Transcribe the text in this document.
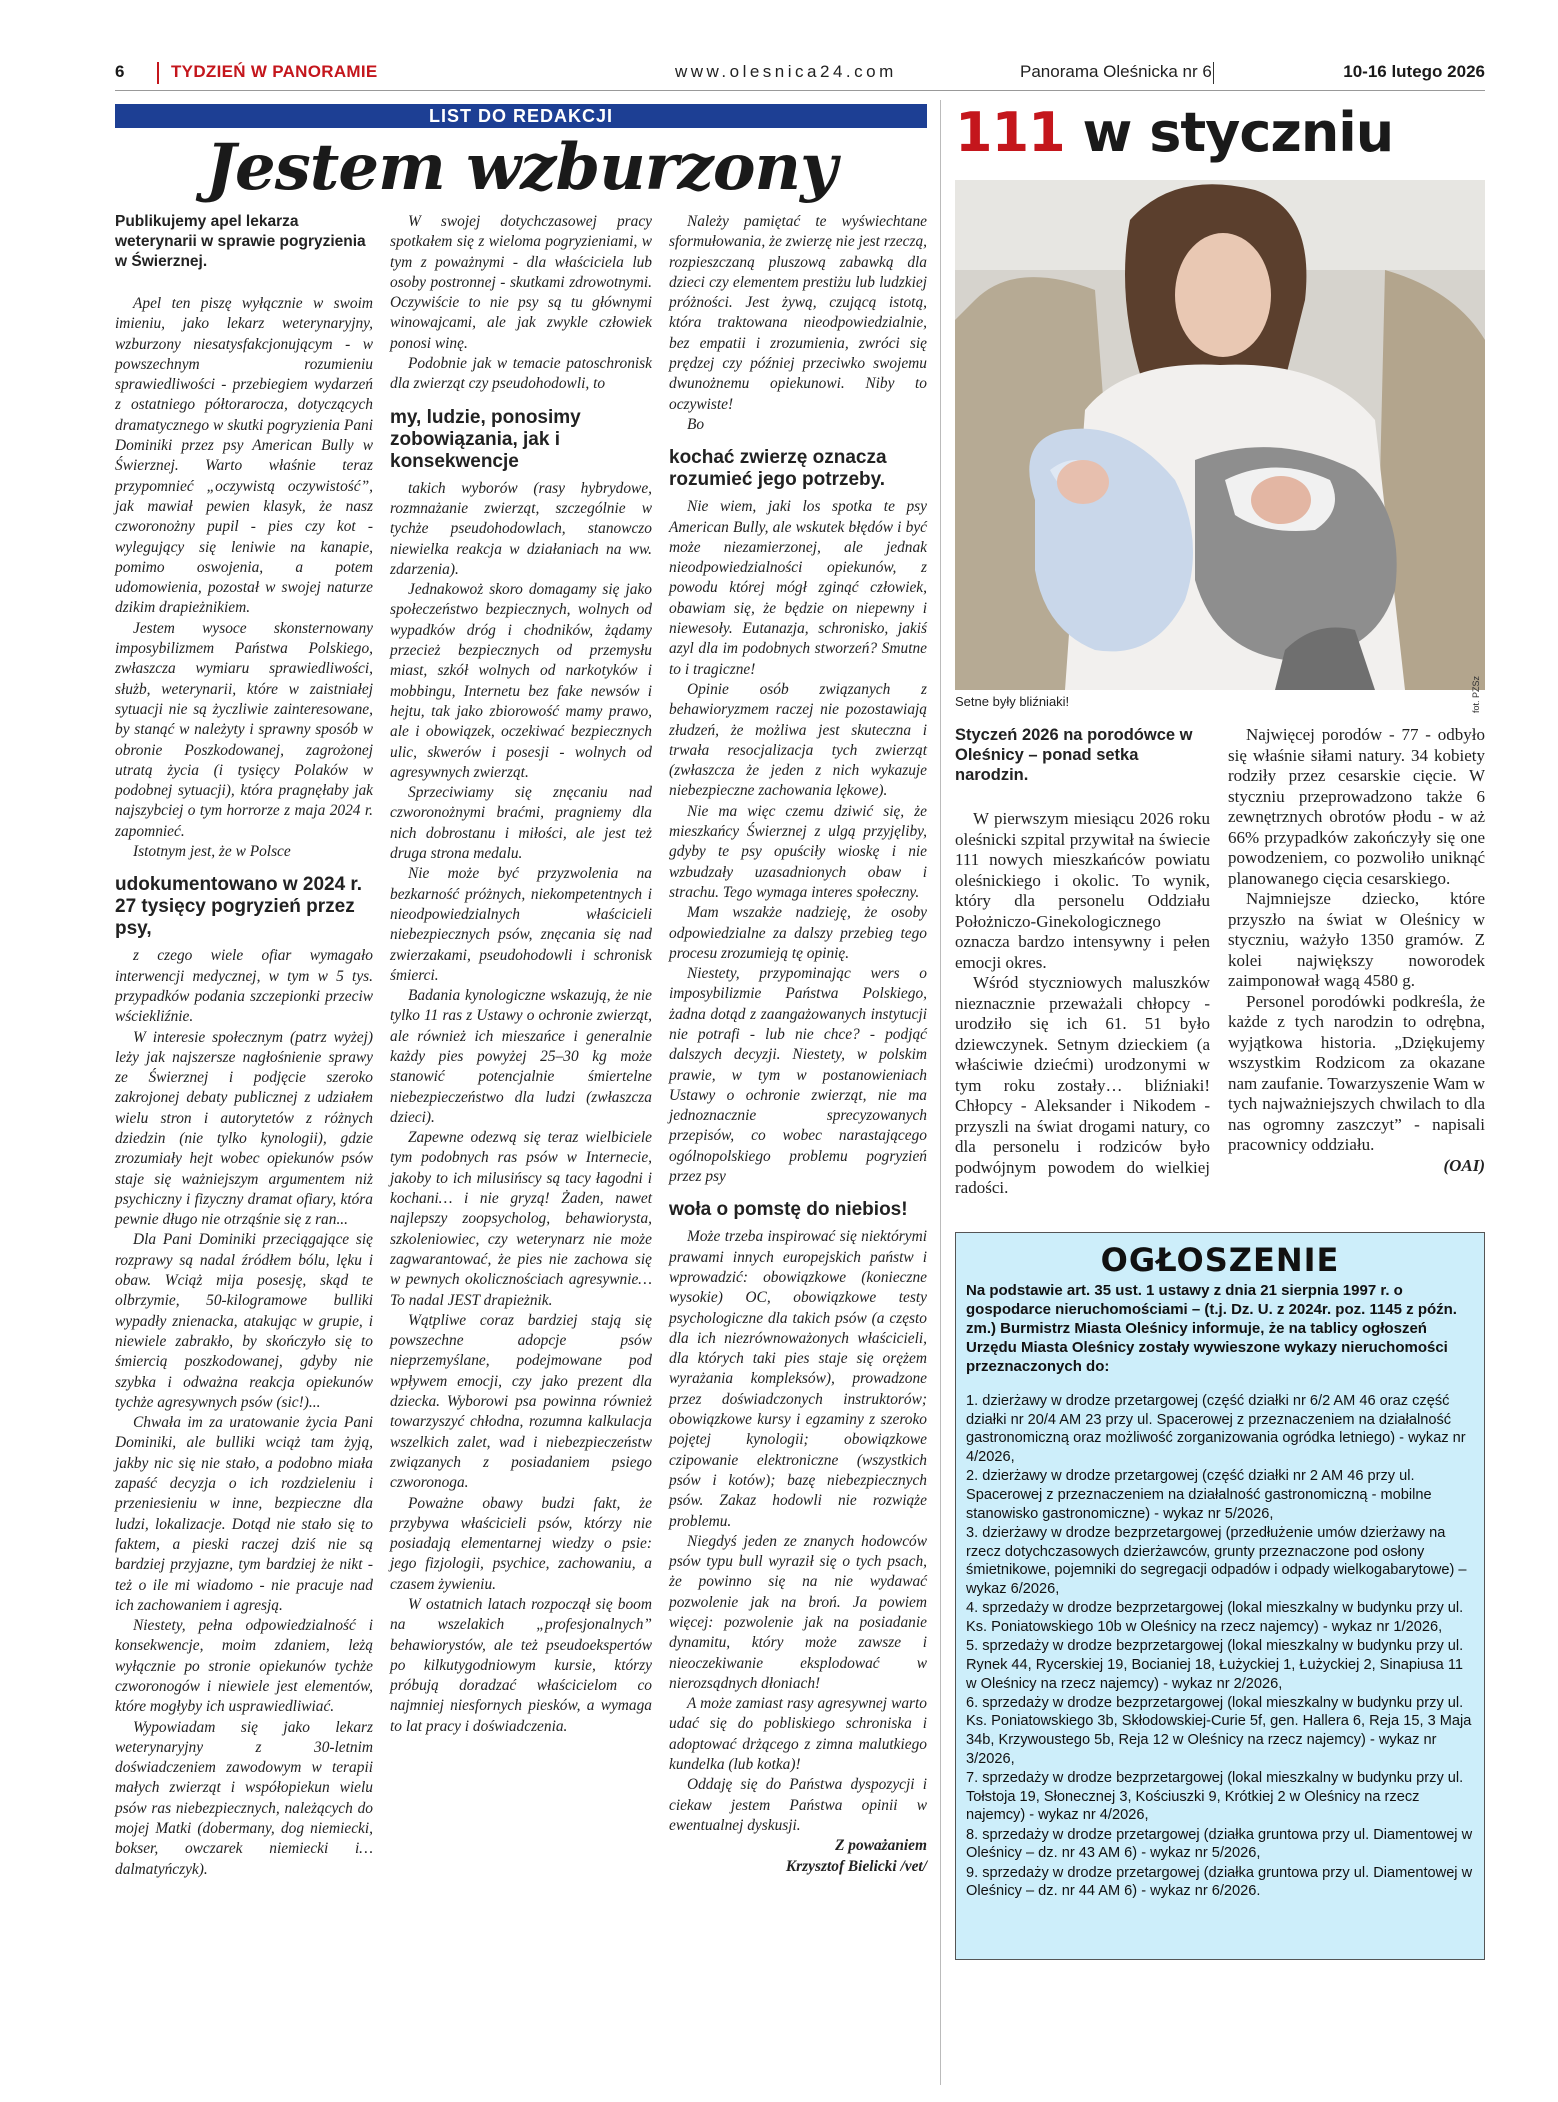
6	TYDZIEŃ W PANORAMIE	www.olesnica24.com	Panorama Oleśnicka nr 6	10-16 lutego 2026
LIST DO REDAKCJI
Jestem wzburzony

Publikujemy apel lekarza weterynarii w sprawie pogryzienia w Świerznej.

Apel ten piszę wyłącznie w swoim imieniu, jako lekarz weterynaryjny, wzburzony niesatysfakcjonującym - w powszechnym rozumieniu sprawiedliwości - przebiegiem wydarzeń z ostatniego półtorarocza, dotyczących dramatycznego w skutki pogryzienia Pani Dominiki przez psy American Bully w Świerznej. Warto właśnie teraz przypomnieć „oczywistą oczywistość”, jak mawiał pewien klasyk, że nasz czworonożny pupil - pies czy kot - wylegujący się leniwie na kanapie, pomimo oswojenia, a potem udomowienia, pozostał w swojej naturze dzikim drapieżnikiem.

Jestem wysoce skonsternowany imposybilizmem Państwa Polskiego, zwłaszcza wymiaru sprawiedliwości, służb, weterynarii, które w zaistniałej sytuacji nie są życzliwie zainteresowane, by stanąć w należyty i sprawny sposób w obronie Poszkodowanej, zagrożonej utratą życia (i tysięcy Polaków w podobnej sytuacji), która pragnęłaby jak najszybciej o tym horrorze z maja 2024 r. zapomnieć.

Istotnym jest, że w Polsce

udokumentowano w 2024 r. 27 tysięcy pogryzień przez psy,

z czego wiele ofiar wymagało interwencji medycznej, w tym w 5 tys. przypadków podania szczepionki przeciw wściekliźnie.

W interesie społecznym (patrz wyżej) leży jak najszersze nagłośnienie sprawy ze Świerznej i podjęcie szeroko zakrojonej debaty publicznej z udziałem wielu stron i autorytetów z różnych dziedzin (nie tylko kynologii), gdzie zrozumiały hejt wobec opiekunów psów staje się ważniejszym argumentem niż psychiczny i fizyczny dramat ofiary, która pewnie długo nie otrząśnie się z ran...

Dla Pani Dominiki przeciągające się rozprawy są nadal źródłem bólu, lęku i obaw. Wciąż mija posesję, skąd te olbrzymie, 50-kilogramowe bulliki wypadły znienacka, atakując w grupie, i niewiele zabrakło, by skończyło się to śmiercią poszkodowanej, gdyby nie szybka i odważna reakcja opiekunów tychże agresywnych psów (sic!)...

Chwała im za uratowanie życia Pani Dominiki, ale bulliki wciąż tam żyją, jakby nic się nie stało, a podobno miała zapaść decyzja o ich rozdzieleniu i przeniesieniu w inne, bezpieczne dla ludzi, lokalizacje. Dotąd nie stało się to faktem, a pieski raczej dziś nie są bardziej przyjazne, tym bardziej że nikt - też o ile mi wiadomo - nie pracuje nad ich zachowaniem i agresją.

Niestety, pełna odpowiedzialność i konsekwencje, moim zdaniem, leżą wyłącznie po stronie opiekunów tychże czworonogów i niewiele jest elementów, które mogłyby ich usprawiedliwiać.

Wypowiadam się jako lekarz weterynaryjny z 30-letnim doświadczeniem zawodowym w terapii małych zwierząt i współopiekun wielu psów ras niebezpiecznych, należących do mojej Matki (dobermany, dog niemiecki, bokser, owczarek niemiecki i… dalmatyńczyk).

W swojej dotychczasowej pracy spotkałem się z wieloma pogryzieniami, w tym z poważnymi - dla właściciela lub osoby postronnej - skutkami zdrowotnymi. Oczywiście to nie psy są tu głównymi winowajcami, ale jak zwykle człowiek ponosi winę.

Podobnie jak w temacie patoschronisk dla zwierząt czy pseudohodowli, to

my, ludzie, ponosimy zobowiązania, jak i konsekwencje

takich wyborów (rasy hybrydowe, rozmnażanie zwierząt, szczególnie w tychże pseudohodowlach, stanowczo niewielka reakcja w działaniach na ww. zdarzenia).

Jednakowoż skoro domagamy się jako społeczeństwo bezpiecznych, wolnych od wypadków dróg i chodników, żądamy przecież bezpiecznych od przemysłu miast, szkół wolnych od narkotyków i mobbingu, Internetu bez fake newsów i hejtu, tak jako zbiorowość mamy prawo, ale i obowiązek, oczekiwać bezpiecznych ulic, skwerów i posesji - wolnych od agresywnych zwierząt.

Sprzeciwiamy się znęcaniu nad czworonożnymi braćmi, pragniemy dla nich dobrostanu i miłości, ale jest też druga strona medalu.

Nie może być przyzwolenia na bezkarność próżnych, niekompetentnych i nieodpowiedzialnych właścicieli niebezpiecznych psów, znęcania się nad zwierzakami, pseudohodowli i schronisk śmierci.

Badania kynologiczne wskazują, że nie tylko 11 ras z Ustawy o ochronie zwierząt, ale również ich mieszańce i generalnie każdy pies powyżej 25–30 kg może stanowić potencjalnie śmiertelne niebezpieczeństwo dla ludzi (zwłaszcza dzieci).

Zapewne odezwą się teraz wielbiciele tym podobnych ras psów w Internecie, jakoby to ich milusińscy są tacy łagodni i kochani… i nie gryzą! Żaden, nawet najlepszy zoopsycholog, behawiorysta, szkoleniowiec, czy weterynarz nie może zagwarantować, że pies nie zachowa się w pewnych okolicznościach agresywnie… To nadal JEST drapieżnik.

Wątpliwe coraz bardziej stają się powszechne adopcje psów nieprzemyślane, podejmowane pod wpływem emocji, czy jako prezent dla dziecka. Wyborowi psa powinna również towarzyszyć chłodna, rozumna kalkulacja wszelkich zalet, wad i niebezpieczeństw związanych z posiadaniem psiego czworonoga.

Poważne obawy budzi fakt, że przybywa właścicieli psów, którzy nie posiadają elementarnej wiedzy o psie: jego fizjologii, psychice, zachowaniu, a czasem żywieniu.

W ostatnich latach rozpoczął się boom na wszelakich „profesjonalnych” behawiorystów, ale też pseudoekspertów po kilkutygodniowym kursie, którzy próbują doradzać właścicielom co najmniej niesfornych piesków, a wymaga to lat pracy i doświadczenia.

Należy pamiętać te wyświechtane sformułowania, że zwierzę nie jest rzeczą, rozpieszczaną pluszową zabawką dla dzieci czy elementem prestiżu lub ludzkiej próżności. Jest żywą, czującą istotą, która traktowana nieodpowiedzialnie, bez empatii i zrozumienia, zwróci się prędzej czy później przeciwko swojemu dwunożnemu opiekunowi. Niby to oczywiste!

Bo

kochać zwierzę oznacza rozumieć jego potrzeby.

Nie wiem, jaki los spotka te psy American Bully, ale wskutek błędów i być może niezamierzonej, ale jednak nieodpowiedzialności opiekunów, z powodu której mógł zginąć człowiek, obawiam się, że będzie on niepewny i niewesoły. Eutanazja, schronisko, jakiś azyl dla im podobnych stworzeń? Smutne to i tragiczne!

Opinie osób związanych z behawioryzmem raczej nie pozostawiają złudzeń, że możliwa jest skuteczna i trwała resocjalizacja tych zwierząt (zwłaszcza że jeden z nich wykazuje niebezpieczne zachowania lękowe).

Nie ma więc czemu dziwić się, że mieszkańcy Świerznej z ulgą przyjęliby, gdyby te psy opuściły wioskę i nie wzbudzały uzasadnionych obaw i strachu. Tego wymaga interes społeczny.

Mam wszakże nadzieję, że osoby odpowiedzialne za dalszy przebieg tego procesu zrozumieją tę opinię.

Niestety, przypominając wers o imposybilizmie Państwa Polskiego, żadna dotąd z zaangażowanych instytucji nie potrafi - lub nie chce? - podjąć dalszych decyzji. Niestety, w polskim prawie, w tym w postanowieniach Ustawy o ochronie zwierząt, nie ma jednoznacznie sprecyzowanych przepisów, co wobec narastającego ogólnopolskiego problemu pogryzień przez psy

woła o pomstę do niebios!

Może trzeba inspirować się niektórymi prawami innych europejskich państw i wprowadzić: obowiązkowe (konieczne wysokie) OC, obowiązkowe testy psychologiczne dla takich psów (a często dla ich niezrównoważonych właścicieli, dla których taki pies staje się orężem wyrażania kompleksów), prowadzone przez doświadczonych instruktorów; obowiązkowe kursy i egzaminy z szeroko pojętej kynologii; obowiązkowe czipowanie elektroniczne (wszystkich psów i kotów); bazę niebezpiecznych psów. Zakaz hodowli nie rozwiąże problemu.

Niegdyś jeden ze znanych hodowców psów typu bull wyraził się o tych psach, że powinno się na nie wydawać pozwolenie jak na broń. Ja powiem więcej: pozwolenie jak na posiadanie dynamitu, który może zawsze i nieoczekiwanie eksplodować w nierozsądnych dłoniach!

A może zamiast rasy agresywnej warto udać się do pobliskiego schroniska i adoptować drżącego z zimna malutkiego kundelka (lub kotka)!

Oddaję się do Państwa dyspozycji i ciekaw jestem Państwa opinii w ewentualnej dyskusji.

Z poważaniem

Krzysztof Bielicki /vet/

111 w styczniu
fot. PZSz
Setne były bliźniaki!

Styczeń 2026 na porodówce w Oleśnicy – ponad setka narodzin.

W pierwszym miesiącu 2026 roku oleśnicki szpital przywitał na świecie 111 nowych mieszkańców powiatu oleśnickiego i okolic. To wynik, który dla personelu Oddziału Położniczo-Ginekologicznego oznacza bardzo intensywny i pełen emocji okres.

Wśród styczniowych maluszków nieznacznie przeważali chłopcy - urodziło się ich 61. 51 było dziewczynek. Setnym dzieckiem (a właściwie dziećmi) urodzonymi w tym roku zostały… bliźniaki! Chłopcy - Aleksander i Nikodem - przyszli na świat drogami natury, co dla personelu i rodziców było podwójnym powodem do wielkiej radości.

Najwięcej porodów - 77 - odbyło się właśnie siłami natury. 34 kobiety rodziły przez cesarskie cięcie. W styczniu przeprowadzono także 6 zewnętrznych obrotów płodu - w aż 66% przypadków zakończyły się one powodzeniem, co pozwoliło uniknąć planowanego cięcia cesarskiego.

Najmniejsze dziecko, które przyszło na świat w Oleśnicy w styczniu, ważyło 1350 gramów. Z kolei największy noworodek zaimponował wagą 4580 g.

Personel porodówki podkreśla, że każde z tych narodzin to odrębna, wyjątkowa historia. „Dziękujemy wszystkim Rodzicom za okazane nam zaufanie. Towarzyszenie Wam w tych najważniejszych chwilach to dla nas ogromny zaszczyt” - napisali pracownicy oddziału.

(OAI)

OGŁOSZENIE

Na podstawie art. 35 ust. 1 ustawy z dnia 21 sierpnia 1997 r. o gospodarce nieruchomościami – (t.j. Dz. U. z 2024r. poz. 1145 z późn. zm.) Burmistrz Miasta Oleśnicy informuje, że na tablicy ogłoszeń Urzędu Miasta Oleśnicy zostały wywieszone wykazy nieruchomości przeznaczonych do:

1. dzierżawy w drodze przetargowej (część działki nr 6/2 AM 46 oraz część działki nr 20/4 AM 23 przy ul. Spacerowej z przeznaczeniem na działalność gastronomiczną oraz możliwość zorganizowania ogródka letniego) - wykaz nr 4/2026,

2. dzierżawy w drodze przetargowej (część działki nr 2 AM 46 przy ul. Spacerowej z przeznaczeniem na działalność gastronomiczną - mobilne stanowisko gastronomiczne) - wykaz nr 5/2026,

3. dzierżawy w drodze bezprzetargowej (przedłużenie umów dzierżawy na rzecz dotychczasowych dzierżawców, grunty przeznaczone pod osłony śmietnikowe, pojemniki do segregacji odpadów i odpady wielkogabarytowe) – wykaz 6/2026,

4. sprzedaży w drodze bezprzetargowej (lokal mieszkalny w budynku przy ul. Ks. Poniatowskiego 10b w Oleśnicy na rzecz najemcy) - wykaz nr 1/2026,

5. sprzedaży w drodze bezprzetargowej (lokal mieszkalny w budynku przy ul. Rynek 44, Rycerskiej 19, Bocianiej 18, Łużyckiej 1, Łużyckiej 2, Sinapiusa 11 w Oleśnicy na rzecz najemcy) - wykaz nr 2/2026,

6. sprzedaży w drodze bezprzetargowej (lokal mieszkalny w budynku przy ul. Ks. Poniatowskiego 3b, Skłodowskiej-Curie 5f, gen. Hallera 6, Reja 15, 3 Maja 34b, Krzywoustego 5b, Reja 12 w Oleśnicy na rzecz najemcy) - wykaz nr 3/2026,

7. sprzedaży w drodze bezprzetargowej (lokal mieszkalny w budynku przy ul. Tołstoja 19, Słonecznej 3, Kościuszki 9, Krótkiej 2 w Oleśnicy na rzecz najemcy) - wykaz nr 4/2026,

8. sprzedaży w drodze przetargowej (działka gruntowa przy ul. Diamentowej w Oleśnicy – dz. nr 43 AM 6) - wykaz nr 5/2026,

9. sprzedaży w drodze przetargowej (działka gruntowa przy ul. Diamentowej w Oleśnicy – dz. nr 44 AM 6) - wykaz nr 6/2026.
